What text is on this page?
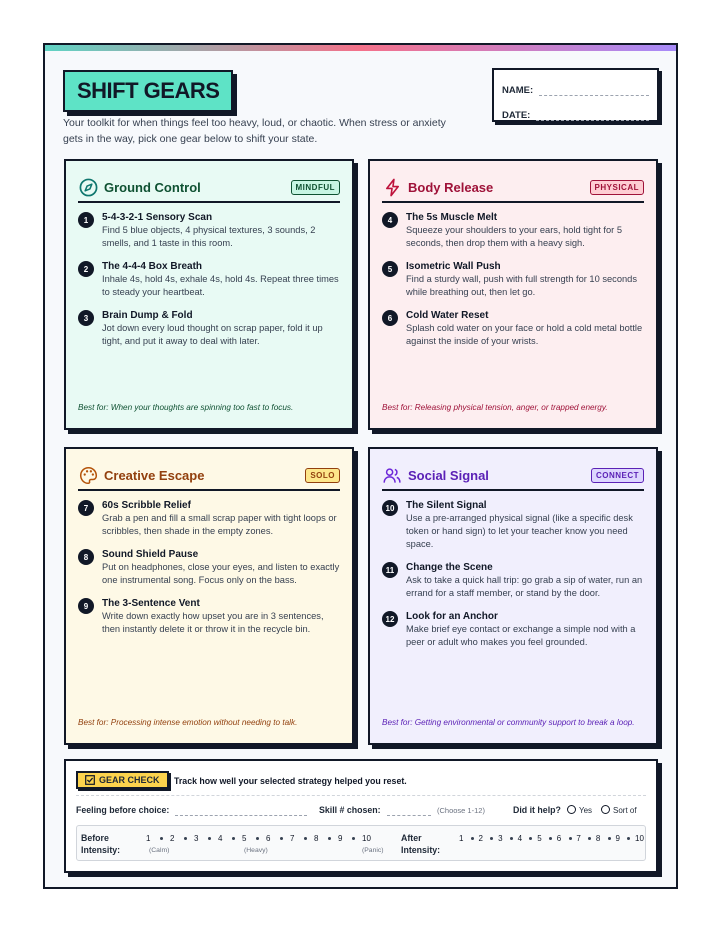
SHIFT GEARS	NAME:
DATE:
Your toolkit for when things feel too heavy, loud, or chaotic. When stress or anxiety gets in the way, pick one gear below to shift your state.
Ground Control	MINDFUL
1	5-4-3-2-1 Sensory Scan
Find 5 blue objects, 4 physical textures, 3 sounds, 2 smells, and 1 taste in this room.
2	The 4-4-4 Box Breath
Inhale 4s, hold 4s, exhale 4s, hold 4s. Repeat three times to steady your heartbeat.
3	Brain Dump & Fold
Jot down every loud thought on scrap paper, fold it up tight, and put it away to deal with later.
Best for: When your thoughts are spinning too fast to focus.
Body Release	PHYSICAL
4	The 5s Muscle Melt
Squeeze your shoulders to your ears, hold tight for 5 seconds, then drop them with a heavy sigh.
5	Isometric Wall Push
Find a sturdy wall, push with full strength for 10 seconds while breathing out, then let go.
6	Cold Water Reset
Splash cold water on your face or hold a cold metal bottle against the inside of your wrists.
Best for: Releasing physical tension, anger, or trapped energy.
Creative Escape	SOLO
7	60s Scribble Relief
Grab a pen and fill a small scrap paper with tight loops or scribbles, then shade in the empty zones.
8	Sound Shield Pause
Put on headphones, close your eyes, and listen to exactly one instrumental song. Focus only on the bass.
9	The 3-Sentence Vent
Write down exactly how upset you are in 3 sentences, then instantly delete it or throw it in the recycle bin.
Best for: Processing intense emotion without needing to talk.
Social Signal	CONNECT
10	The Silent Signal
Use a pre-arranged physical signal (like a specific desk token or hand sign) to let your teacher know you need space.
11	Change the Scene
Ask to take a quick hall trip: go grab a sip of water, run an errand for a staff member, or stand by the door.
12	Look for an Anchor
Make brief eye contact or exchange a simple nod with a peer or adult who makes you feel grounded.
Best for: Getting environmental or community support to break a loop.
GEAR CHECK Track how well your selected strategy helped you reset.
Feeling before choice:	Skill # chosen:	(Choose 1-12)	Did it help?	Yes	Sort of
Before
Intensity:
1 2 3 4 5 6 7 8 9 10
(Calm)	(Heavy)	(Panic)
After
Intensity:
1 2 3 4 5 6 7 8 9 10
